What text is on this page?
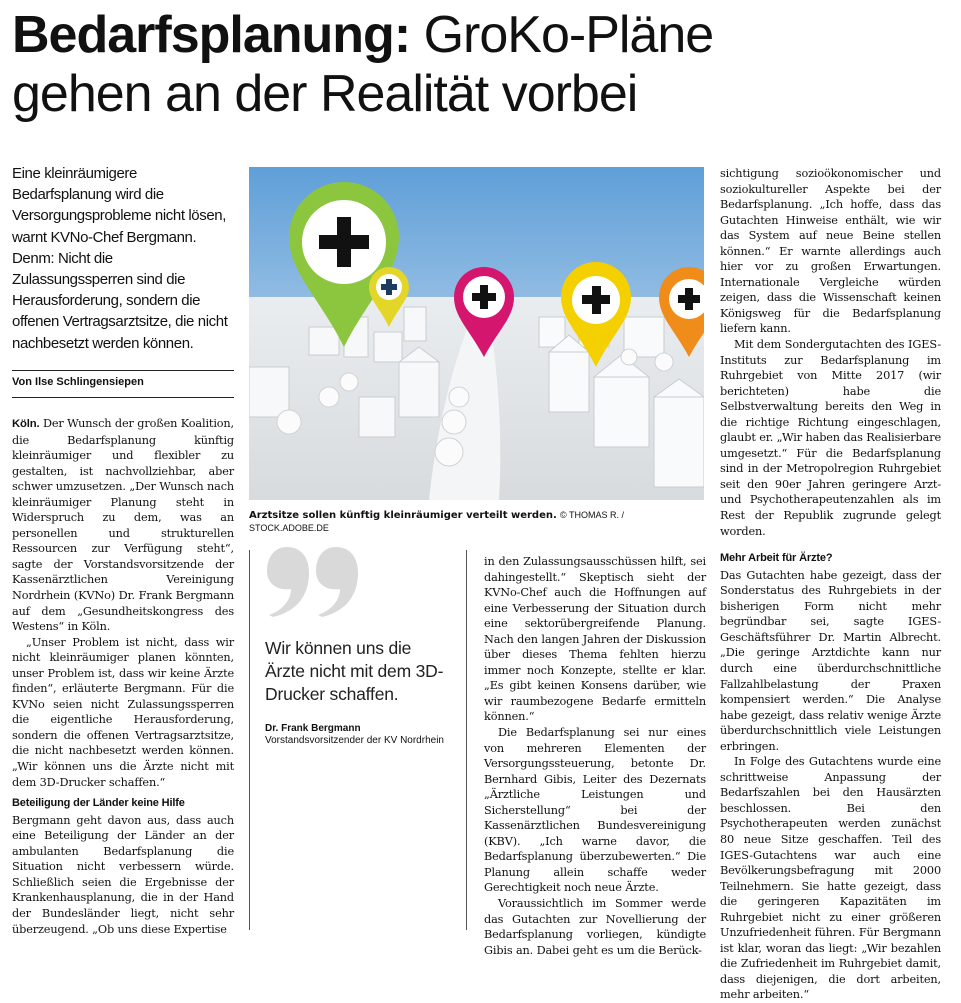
Bedarfsplanung: GroKo-Pläne
gehen an der Realität vorbei
Eine kleinräumigere Bedarfsplanung wird die Versorgungsprobleme nicht lösen, warnt KVNo-Chef Bergmann. Denm: Nicht die Zulassungssperren sind die Herausforderung, sondern die offenen Vertragsarztsitze, die nicht nachbesetzt werden können.
Von Ilse Schlingensiepen

Köln. Der Wunsch der großen Koalition, die Bedarfsplanung künftig kleinräumiger und flexibler zu gestalten, ist nachvollziehbar, aber schwer umzusetzen. „Der Wunsch nach kleinräumiger Planung steht in Widerspruch zu dem, was an personellen und strukturellen Ressourcen zur Verfügung steht“, sagte der Vorstandsvorsitzende der Kassenärztlichen Vereinigung Nordrhein (KVNo) Dr. Frank Bergmann auf dem „Gesundheitskongress des Westens“ in Köln.

„Unser Problem ist nicht, dass wir nicht kleinräumiger planen könnten, unser Problem ist, dass wir keine Ärzte finden“, erläuterte Bergmann. Für die KVNo seien nicht Zulassungssperren die eigentliche Herausforderung, sondern die offenen Vertragsarztsitze, die nicht nachbesetzt werden können. „Wir können uns die Ärzte nicht mit dem 3D-Drucker schaffen.“

Beteiligung der Länder keine Hilfe

Bergmann geht davon aus, dass auch eine Beteiligung der Länder an der ambulanten Bedarfsplanung die Situation nicht verbessern würde. Schließlich seien die Ergebnisse der Krankenhausplanung, die in der Hand der Bundesländer liegt, nicht sehr überzeugend. „Ob uns diese Expertise

Arztsitze sollen künftig kleinräumiger verteilt werden. © THOMAS R. / STOCK.ADOBE.DE
Wir können uns die Ärzte nicht mit dem 3D-Drucker schaffen.
Dr. Frank Bergmann
Vorstandsvorsitzender der KV Nordrhein

in den Zulassungsausschüssen hilft, sei dahingestellt.“ Skeptisch sieht der KVNo-Chef auch die Hoffnungen auf eine Verbesserung der Situation durch eine sektorübergreifende Planung. Nach den langen Jahren der Diskussion über dieses Thema fehlten hierzu immer noch Konzepte, stellte er klar. „Es gibt keinen Konsens darüber, wie wir raumbezogene Bedarfe ermitteln können.“

Die Bedarfsplanung sei nur eines von mehreren Elementen der Versorgungssteuerung, betonte Dr. Bernhard Gibis, Leiter des Dezernats „Ärztliche Leistungen und Sicherstellung“ bei der Kassenärztlichen Bundesvereinigung (KBV). „Ich warne davor, die Bedarfsplanung überzubewerten.“ Die Planung allein schaffe weder Gerechtigkeit noch neue Ärzte.

Voraussichtlich im Sommer werde das Gutachten zur Novellierung der Bedarfsplanung vorliegen, kündigte Gibis an. Dabei geht es um die Berück-

sichtigung sozioökonomischer und soziokultureller Aspekte bei der Bedarfsplanung. „Ich hoffe, dass das Gutachten Hinweise enthält, wie wir das System auf neue Beine stellen können.“ Er warnte allerdings auch hier vor zu großen Erwartungen. Internationale Vergleiche würden zeigen, dass die Wissenschaft keinen Königsweg für die Bedarfsplanung liefern kann.

Mit dem Sondergutachten des IGES-Instituts zur Bedarfsplanung im Ruhrgebiet von Mitte 2017 (wir berichteten) habe die Selbstverwaltung bereits den Weg in die richtige Richtung eingeschlagen, glaubt er. „Wir haben das Realisierbare umgesetzt.“ Für die Bedarfsplanung sind in der Metropolregion Ruhrgebiet seit den 90er Jahren geringere Arzt- und Psychotherapeutenzahlen als im Rest der Republik zugrunde gelegt worden.

Mehr Arbeit für Ärzte?

Das Gutachten habe gezeigt, dass der Sonderstatus des Ruhrgebiets in der bisherigen Form nicht mehr begründbar sei, sagte IGES-Geschäftsführer Dr. Martin Albrecht. „Die geringe Arztdichte kann nur durch eine überdurchschnittliche Fallzahlbelastung der Praxen kompensiert werden.“ Die Analyse habe gezeigt, dass relativ wenige Ärzte überdurchschnittlich viele Leistungen erbringen.

In Folge des Gutachtens wurde eine schrittweise Anpassung der Bedarfszahlen bei den Hausärzten beschlossen. Bei den Psychotherapeuten werden zunächst 80 neue Sitze geschaffen. Teil des IGES-Gutachtens war auch eine Bevölkerungsbefragung mit 2000 Teilnehmern. Sie hatte gezeigt, dass die geringeren Kapazitäten im Ruhrgebiet nicht zu einer größeren Unzufriedenheit führen. Für Bergmann ist klar, woran das liegt: „Wir bezahlen die Zufriedenheit im Ruhrgebiet damit, dass diejenigen, die dort arbeiten, mehr arbeiten.“
